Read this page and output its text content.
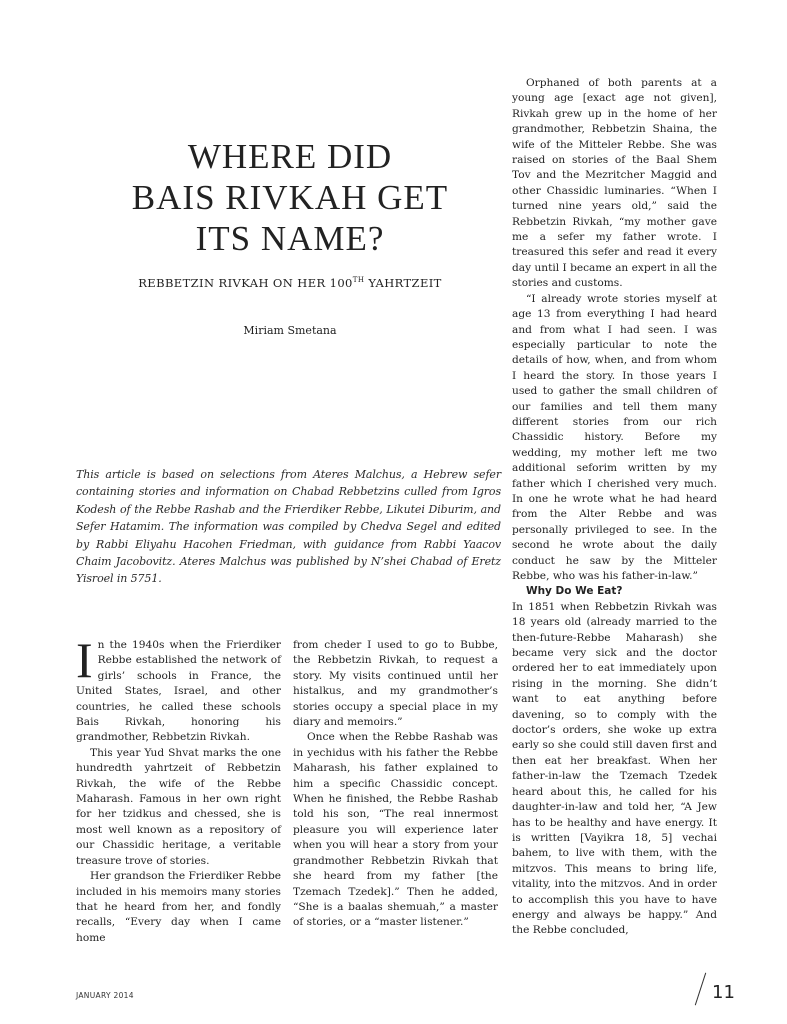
WHERE DID
BAIS RIVKAH GET
ITS NAME?
REBBETZIN RIVKAH ON HER 100TH YAHRTZEIT
Miriam Smetana
This article is based on selections from Ateres Malchus, a Hebrew sefer containing stories and information on Chabad Rebbetzins culled from Igros Kodesh of the Rebbe Rashab and the Frierdiker Rebbe, Likutei Diburim, and Sefer Hatamim. The information was compiled by Chedva Segel and edited by Rabbi Eliyahu Hacohen Friedman, with guidance from Rabbi Yaacov Chaim Jacobovitz. Ateres Malchus was published by N’shei Chabad of Eretz Yisroel in 5751.

In the 1940s when the Frierdiker Rebbe established the network of girls’ schools in France, the United States, Israel, and other countries, he called these schools Bais Rivkah, honoring his grandmother, Rebbetzin Rivkah.

This year Yud Shvat marks the one hundredth yahrtzeit of Rebbetzin Rivkah, the wife of the Rebbe Maharash. Famous in her own right for her tzidkus and chessed, she is most well known as a repository of our Chassidic heritage, a veritable treasure trove of stories.

Her grandson the Frierdiker Rebbe included in his memoirs many stories that he heard from her, and fondly recalls, “Every day when I came home

from cheder I used to go to Bubbe, the Rebbetzin Rivkah, to request a story. My visits continued until her histalkus, and my grandmother’s stories occupy a special place in my diary and memoirs.”

Once when the Rebbe Rashab was in yechidus with his father the Rebbe Maharash, his father explained to him a specific Chassidic concept. When he finished, the Rebbe Rashab told his son, “The real innermost pleasure you will experience later when you will hear a story from your grandmother Rebbetzin Rivkah that she heard from my father [the Tzemach Tzedek].” Then he added, “She is a baalas shemuah,” a master of stories, or a “master listener.”

Orphaned of both parents at a young age [exact age not given], Rivkah grew up in the home of her grandmother, Rebbetzin Shaina, the wife of the Mitteler Rebbe. She was raised on stories of the Baal Shem Tov and the Mezritcher Maggid and other Chassidic luminaries. “When I turned nine years old,” said the Rebbetzin Rivkah, “my mother gave me a sefer my father wrote. I treasured this sefer and read it every day until I became an expert in all the stories and customs.

“I already wrote stories myself at age 13 from everything I had heard and from what I had seen. I was especially particular to note the details of how, when, and from whom I heard the story. In those years I used to gather the small children of our families and tell them many different stories from our rich Chassidic history. Before my wedding, my mother left me two additional seforim written by my father which I cherished very much. In one he wrote what he had heard from the Alter Rebbe and was personally privileged to see. In the second he wrote about the daily conduct he saw by the Mitteler Rebbe, who was his father-in-law.”

Why Do We Eat?

In 1851 when Rebbetzin Rivkah was 18 years old (already married to the then-future-Rebbe Maharash) she became very sick and the doctor ordered her to eat immediately upon rising in the morning. She didn’t want to eat anything before davening, so to comply with the doctor’s orders, she woke up extra early so she could still daven first and then eat her breakfast. When her father-in-law the Tzemach Tzedek heard about this, he called for his daughter-in-law and told her, “A Jew has to be healthy and have energy. It is written [Vayikra 18, 5] vechai bahem, to live with them, with the mitzvos. This means to bring life, vitality, into the mitzvos. And in order to accomplish this you have to have energy and always be happy.” And the Rebbe concluded,

JANUARY 2014	11
